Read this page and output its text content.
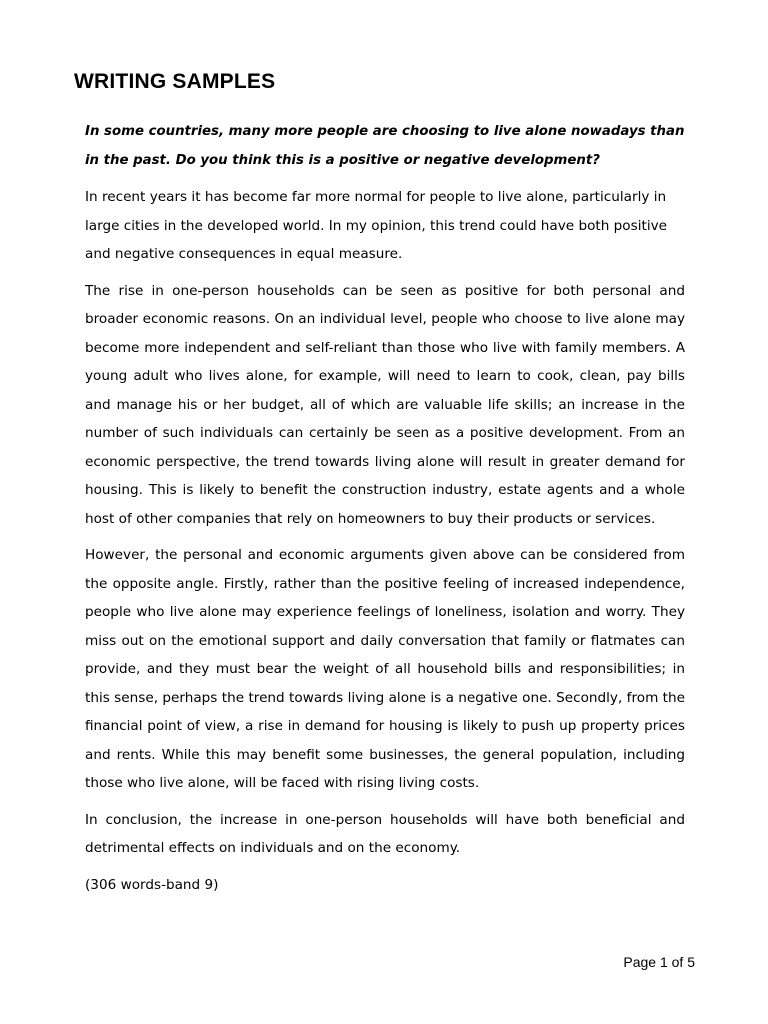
WRITING SAMPLES

In some countries, many more people are choosing to live alone nowadays than in the past. Do you think this is a positive or negative development?

In recent years it has become far more normal for people to live alone, particularly in large cities in the developed world. In my opinion, this trend could have both positive and negative consequences in equal measure.

The rise in one-person households can be seen as positive for both personal and broader economic reasons. On an individual level, people who choose to live alone may become more independent and self-reliant than those who live with family members. A young adult who lives alone, for example, will need to learn to cook, clean, pay bills and manage his or her budget, all of which are valuable life skills; an increase in the number of such individuals can certainly be seen as a positive development. From an economic perspective, the trend towards living alone will result in greater demand for housing. This is likely to benefit the construction industry, estate agents and a whole host of other companies that rely on homeowners to buy their products or services.

However, the personal and economic arguments given above can be considered from the opposite angle. Firstly, rather than the positive feeling of increased independence, people who live alone may experience feelings of loneliness, isolation and worry. They miss out on the emotional support and daily conversation that family or flatmates can provide, and they must bear the weight of all household bills and responsibilities; in this sense, perhaps the trend towards living alone is a negative one. Secondly, from the financial point of view, a rise in demand for housing is likely to push up property prices and rents. While this may benefit some businesses, the general population, including those who live alone, will be faced with rising living costs.

In conclusion, the increase in one-person households will have both beneficial and detrimental effects on individuals and on the economy.

(306 words-band 9)

Page 1 of 5
